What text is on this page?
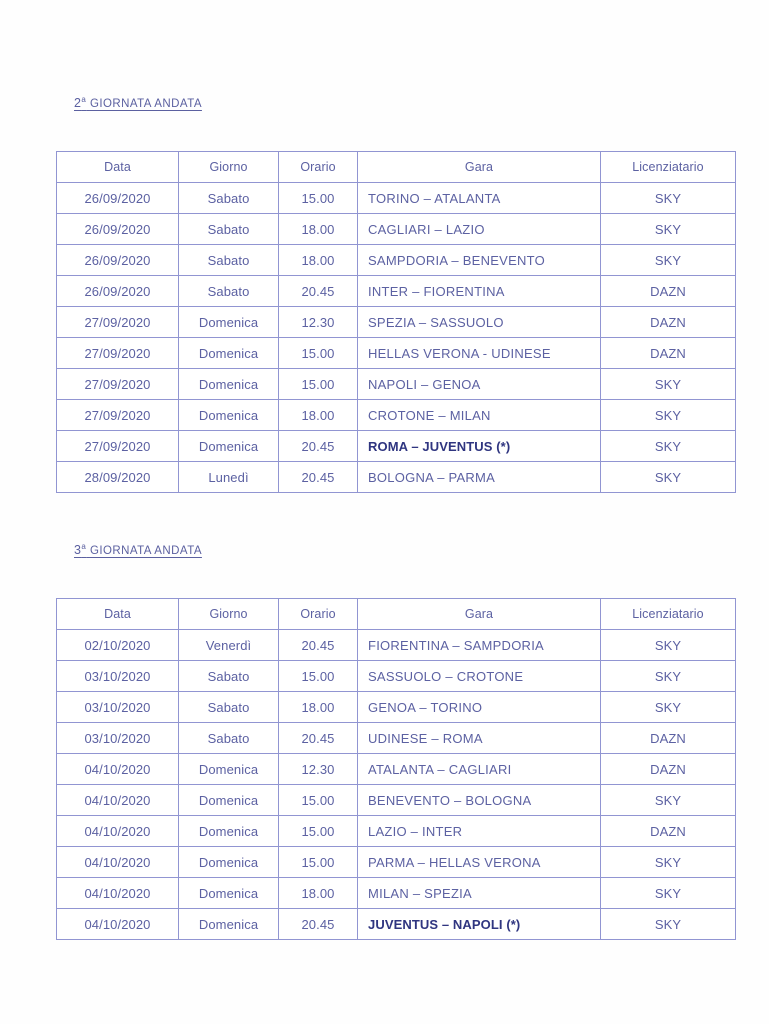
2$^a$ GIORNATA ANDATA
Data	Giorno	Orario	Gara	Licenziatario
26/09/2020	Sabato	15.00	TORINO – ATALANTA	SKY
26/09/2020	Sabato	18.00	CAGLIARI – LAZIO	SKY
26/09/2020	Sabato	18.00	SAMPDORIA – BENEVENTO	SKY
26/09/2020	Sabato	20.45	INTER – FIORENTINA	DAZN
27/09/2020	Domenica	12.30	SPEZIA – SASSUOLO	DAZN
27/09/2020	Domenica	15.00	HELLAS VERONA - UDINESE	DAZN
27/09/2020	Domenica	15.00	NAPOLI – GENOA	SKY
27/09/2020	Domenica	18.00	CROTONE – MILAN	SKY
27/09/2020	Domenica	20.45	ROMA – JUVENTUS (*)	SKY
28/09/2020	Lunedì	20.45	BOLOGNA – PARMA	SKY
3$^a$ GIORNATA ANDATA
Data	Giorno	Orario	Gara	Licenziatario
02/10/2020	Venerdì	20.45	FIORENTINA – SAMPDORIA	SKY
03/10/2020	Sabato	15.00	SASSUOLO – CROTONE	SKY
03/10/2020	Sabato	18.00	GENOA – TORINO	SKY
03/10/2020	Sabato	20.45	UDINESE – ROMA	DAZN
04/10/2020	Domenica	12.30	ATALANTA – CAGLIARI	DAZN
04/10/2020	Domenica	15.00	BENEVENTO – BOLOGNA	SKY
04/10/2020	Domenica	15.00	LAZIO – INTER	DAZN
04/10/2020	Domenica	15.00	PARMA – HELLAS VERONA	SKY
04/10/2020	Domenica	18.00	MILAN – SPEZIA	SKY
04/10/2020	Domenica	20.45	JUVENTUS – NAPOLI (*)	SKY
